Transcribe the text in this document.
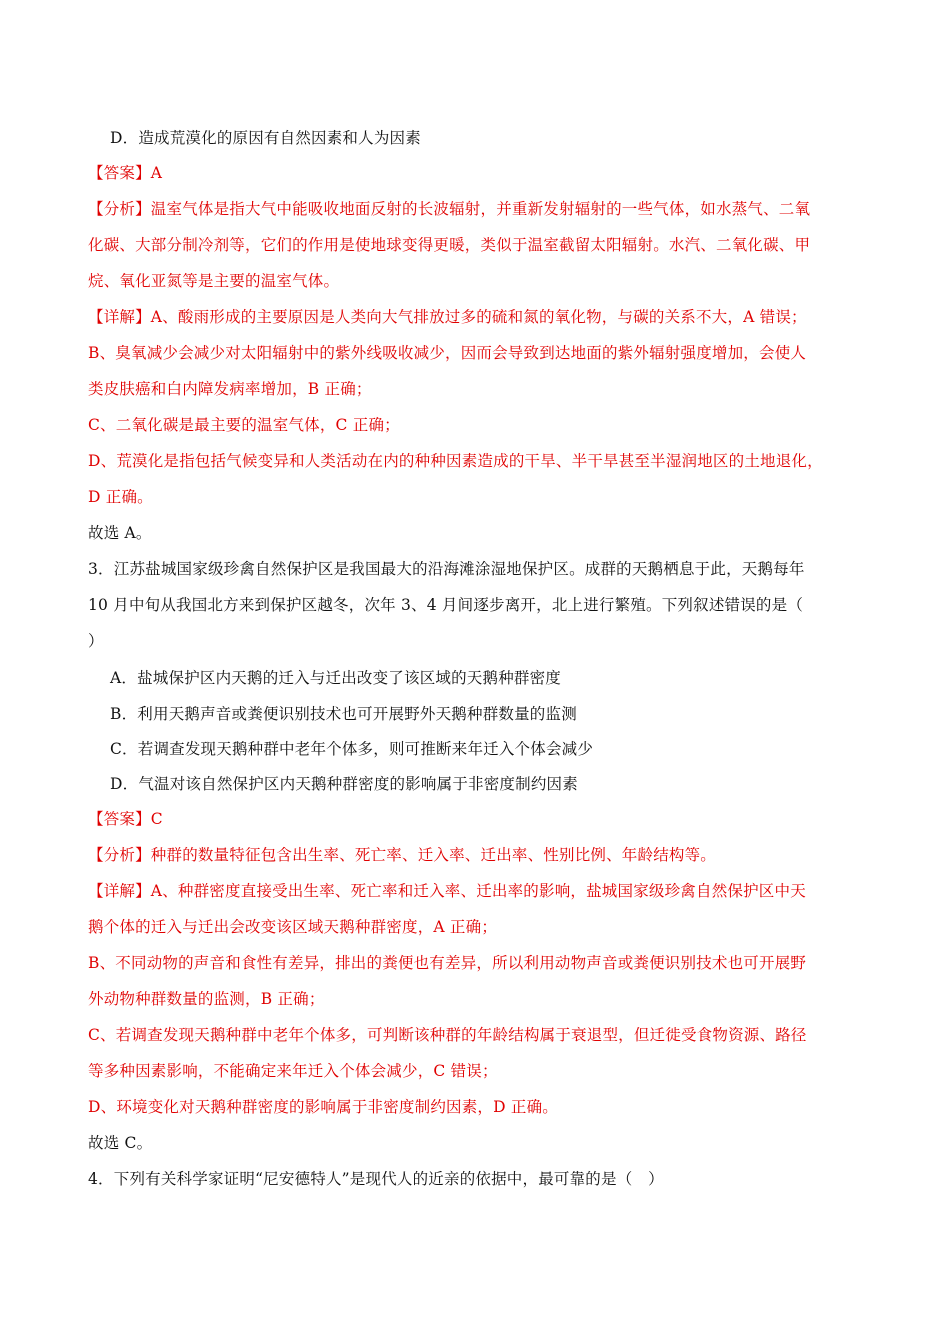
D．造成荒漠化的原因有自然因素和人为因素
【答案】A
【分析】温室气体是指大气中能吸收地面反射的长波辐射，并重新发射辐射的一些气体，如水蒸气、二氧
化碳、大部分制冷剂等，它们的作用是使地球变得更暖，类似于温室截留太阳辐射。水汽、二氧化碳、甲
烷、氧化亚氮等是主要的温室气体。
【详解】A、酸雨形成的主要原因是人类向大气排放过多的硫和氮的氧化物，与碳的关系不大，A 错误；
B、臭氧减少会减少对太阳辐射中的紫外线吸收减少，因而会导致到达地面的紫外辐射强度增加，会使人
类皮肤癌和白内障发病率增加，B 正确；
C、二氧化碳是最主要的温室气体，C 正确；
D、荒漠化是指包括气候变异和人类活动在内的种种因素造成的干旱、半干旱甚至半湿润地区的土地退化，
D 正确。
故选 A。
3．江苏盐城国家级珍禽自然保护区是我国最大的沿海滩涂湿地保护区。成群的天鹅栖息于此，天鹅每年
10 月中旬从我国北方来到保护区越冬，次年 3、4 月间逐步离开，北上进行繁殖。下列叙述错误的是（
）
A．盐城保护区内天鹅的迁入与迁出改变了该区域的天鹅种群密度
B．利用天鹅声音或粪便识别技术也可开展野外天鹅种群数量的监测
C．若调查发现天鹅种群中老年个体多，则可推断来年迁入个体会减少
D．气温对该自然保护区内天鹅种群密度的影响属于非密度制约因素
【答案】C
【分析】种群的数量特征包含出生率、死亡率、迁入率、迁出率、性别比例、年龄结构等。
【详解】A、种群密度直接受出生率、死亡率和迁入率、迁出率的影响，盐城国家级珍禽自然保护区中天
鹅个体的迁入与迁出会改变该区域天鹅种群密度，A 正确；
B、不同动物的声音和食性有差异，排出的粪便也有差异，所以利用动物声音或粪便识别技术也可开展野
外动物种群数量的监测，B 正确；
C、若调查发现天鹅种群中老年个体多，可判断该种群的年龄结构属于衰退型，但迁徙受食物资源、路径
等多种因素影响，不能确定来年迁入个体会减少，C 错误；
D、环境变化对天鹅种群密度的影响属于非密度制约因素，D 正确。
故选 C。
4．下列有关科学家证明“尼安德特人”是现代人的近亲的依据中，最可靠的是（　）
